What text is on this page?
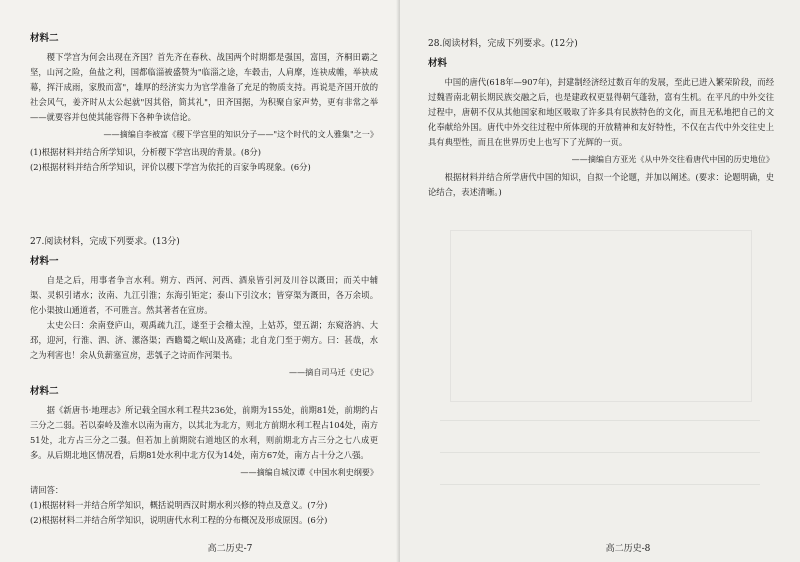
材料二

稷下学宫为何会出现在齐国？首先齐在春秋、战国两个时期都是强国，富国，齐桐田霸之坚，山河之险，鱼盐之利，国都临淄被盛赞为"临淄之途，车毂击，人肩摩，连袂成帷，举袂成幕，挥汗成雨，家殷而富"，雄厚的经济实力为官学准备了充足的物质支持。再说是齐国开放的社会风气，姜齐时从太公起就"因其俗，简其礼"，田齐国据，为积聚自家声势，更有非常之举——就要容并包使其能容得下各种争读信论。

——摘编自李被富《稷下学宫里的知识分子——"这个时代的文人雅集"之一》

(1)根据材料并结合所学知识，分析稷下学宫出现的背景。(8分)

(2)根据材料并结合所学知识，评价以稷下学宫为依托的百家争鸣现象。(6分)

27.阅读材料，完成下列要求。(13分)

材料一

自是之后，用事者争言水利。朔方、西河、河西、酒泉皆引河及川谷以溉田；而关中辅渠、灵轵引诸水；汝南、九江引淮；东海引钜定；泰山下引汶水；皆穿渠为溉田，各万余顷。佗小渠披山通道者，不可胜言。然其著者在宣房。

太史公曰：余南登庐山，观禹疏九江，遂至于会稽太湟，上姑苏，望五湖；东窥洛汭、大邳，迎河，行淮、泗、济、漯洛渠；西瞻蜀之岷山及离碓；北自龙门至于朔方。曰：甚哉，水之为利害也！余从负薪塞宣房，悲瓠子之诗而作河渠书。

——摘自司马迁《史记》

材料二

据《新唐书·地理志》所记载全国水利工程共236处，前期为155处，前期81处，前期约占三分之二弱。若以秦岭及淮水以南为南方，以其北为北方，则北方前期水利工程占104处，南方51处，北方占三分之二强。但若加上前期院右道地区的水利，则前期北方占三分之七八成更多。从后期北地区情况看，后期81处水利中北方仅为14处，南方67处，南方占十分之八强。

——摘编自城汉谭《中国水利史纲要》

请回答：

(1)根据材料一并结合所学知识，概括说明西汉时期水利兴修的特点及意义。(7分)

(2)根据材料二并结合所学知识，说明唐代水利工程的分布概况及形成原因。(6分)

高二历史-7

28.阅读材料，完成下列要求。(12分)

材料

中国的唐代(618年—907年)，封建制经济经过数百年的发展，至此已进入繁荣阶段，而经过魏晋南北朝长期民族交融之后，也是建政权更显得朝气蓬勃，富有生机。在平凡的中外交往过程中，唐朝不仅从其他国家和地区吸取了许多具有民族特色的文化，而且无私地把自己的文化奉献给外国。唐代中外交往过程中所体现的开放精神和友好特性，不仅在古代中外交往史上具有典型性，而且在世界历史上也写下了光辉的一页。

——摘编自方亚光《从中外交往看唐代中国的历史地位》

根据材料并结合所学唐代中国的知识，自拟一个论题，并加以阐述。(要求：论题明确，史论结合，表述清晰。)

高二历史-8
